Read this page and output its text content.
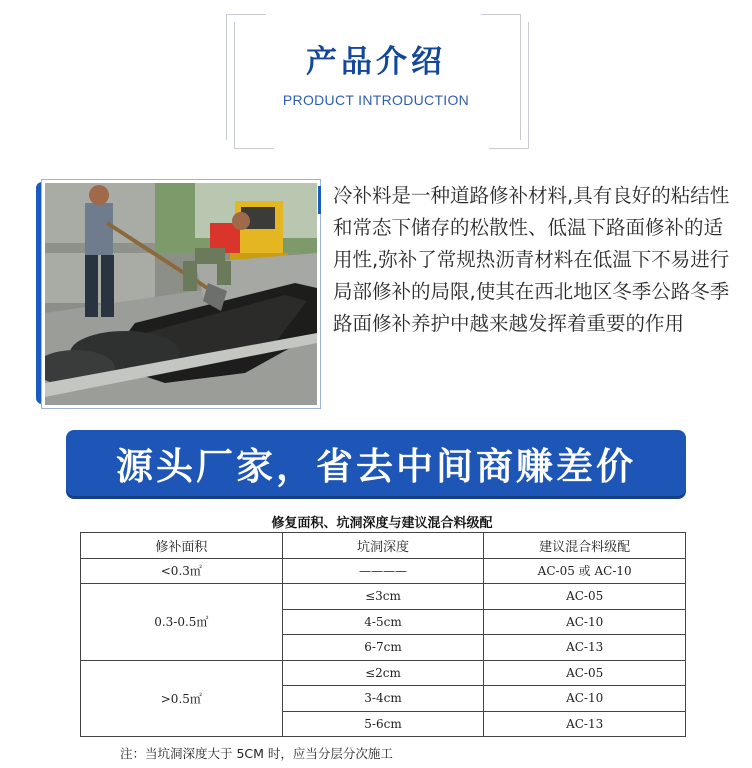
产品介绍
PRODUCT INTRODUCTION
冷补料是一种道路修补材料,具有良好的粘结性和常态下储存的松散性、低温下路面修补的适用性,弥补了常规热沥青材料在低温下不易进行局部修补的局限,使其在西北地区冬季公路冬季路面修补养护中越来越发挥着重要的作用
源头厂家，省去中间商赚差价
修复面积、坑洞深度与建议混合料级配
修补面积	坑洞深度	建议混合料级配
<0.3㎡	————	AC-05 或 AC-10
0.3-0.5㎡	≤3cm	AC-05
	4-5cm	AC-10
	6-7cm	AC-13
>0.5㎡	≤2cm	AC-05
	3-4cm	AC-10
	5-6cm	AC-13
注：当坑洞深度大于 5CM 时，应当分层分次施工
